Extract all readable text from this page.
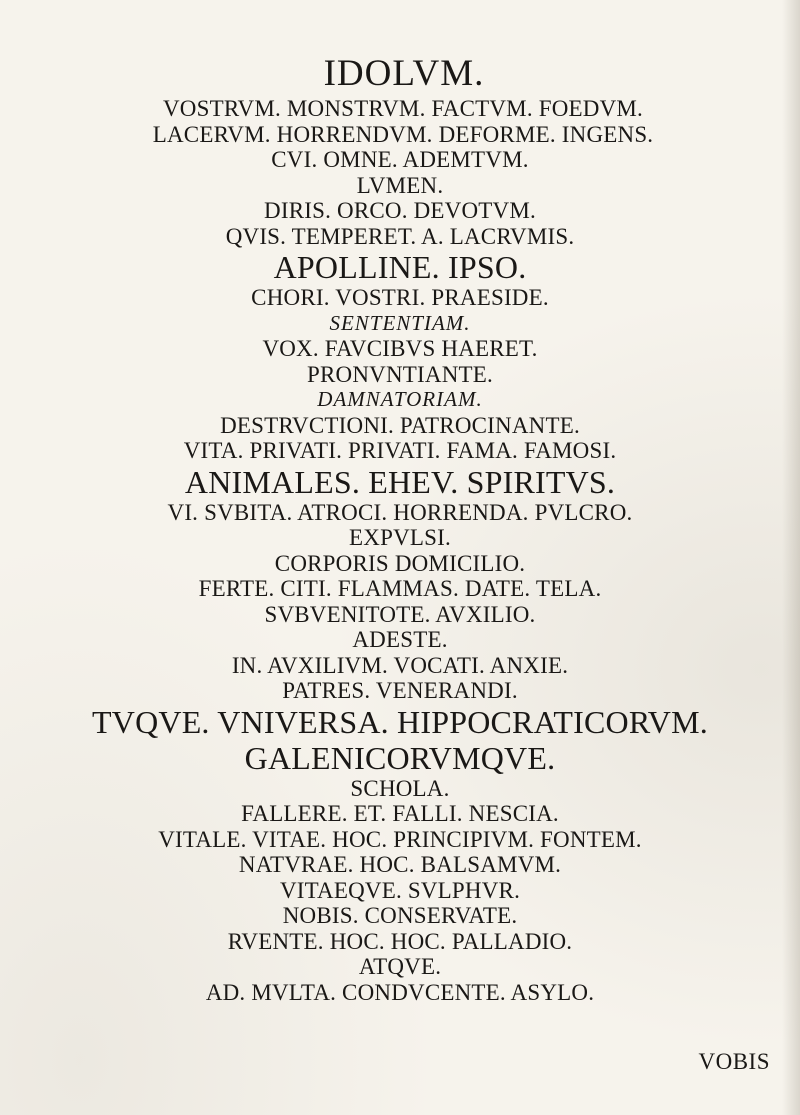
IDOLVM.
VOSTRVM. MONSTRVM. FACTVM. FOEDVM.
LACERVM. HORRENDVM. DEFORME. INGENS.
CVI. OMNE. ADEMTVM.
LVMEN.
DIRIS. ORCO. DEVOTVM.
QVIS. TEMPERET. A. LACRVMIS.
APOLLINE. IPSO.
CHORI. VOSTRI. PRAESIDE.
SENTENTIAM.
VOX. FAVCIBVS HAERET.
PRONVNTIANTE.
DAMNATORIAM.
DESTRVCTIONI. PATROCINANTE.
VITA. PRIVATI. PRIVATI. FAMA. FAMOSI.
ANIMALES. EHEV. SPIRITVS.
VI. SVBITA. ATROCI. HORRENDA. PVLCRO.
EXPVLSI.
CORPORIS DOMICILIO.
FERTE. CITI. FLAMMAS. DATE. TELA.
SVBVENITOTE. AVXILIO.
ADESTE.
IN. AVXILIVM. VOCATI. ANXIE.
PATRES. VENERANDI.
TVQVE. VNIVERSA. HIPPOCRATICORVM.
GALENICORVMQVE.
SCHOLA.
FALLERE. ET. FALLI. NESCIA.
VITALE. VITAE. HOC. PRINCIPIVM. FONTEM.
NATVRAE. HOC. BALSAMVM.
VITAEQVE. SVLPHVR.
NOBIS. CONSERVATE.
RVENTE. HOC. HOC. PALLADIO.
ATQVE.
AD. MVLTA. CONDVCENTE. ASYLO.
VOBIS
